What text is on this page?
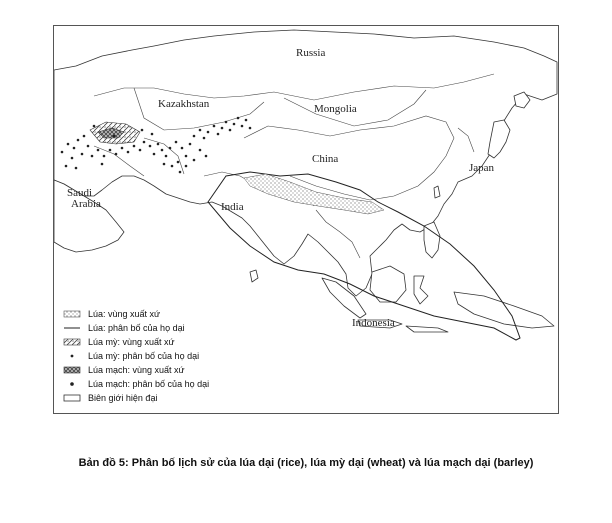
Russia
Kazakhstan	Mongolia
China
Japan
Saudi
Arabia	India
Indonesia
Lúa: vùng xuất xứ
Lúa: phân bố của họ dại
Lúa mỳ: vùng xuất xứ
Lúa mỳ: phân bố của họ dại
Lúa mạch: vùng xuất xứ
Lúa mạch: phân bố của họ dại
Biên giới hiện đại
Bản đồ 5: Phân bố lịch sử của lúa dại (rice), lúa mỳ dại (wheat) và lúa mạch dại (barley)
